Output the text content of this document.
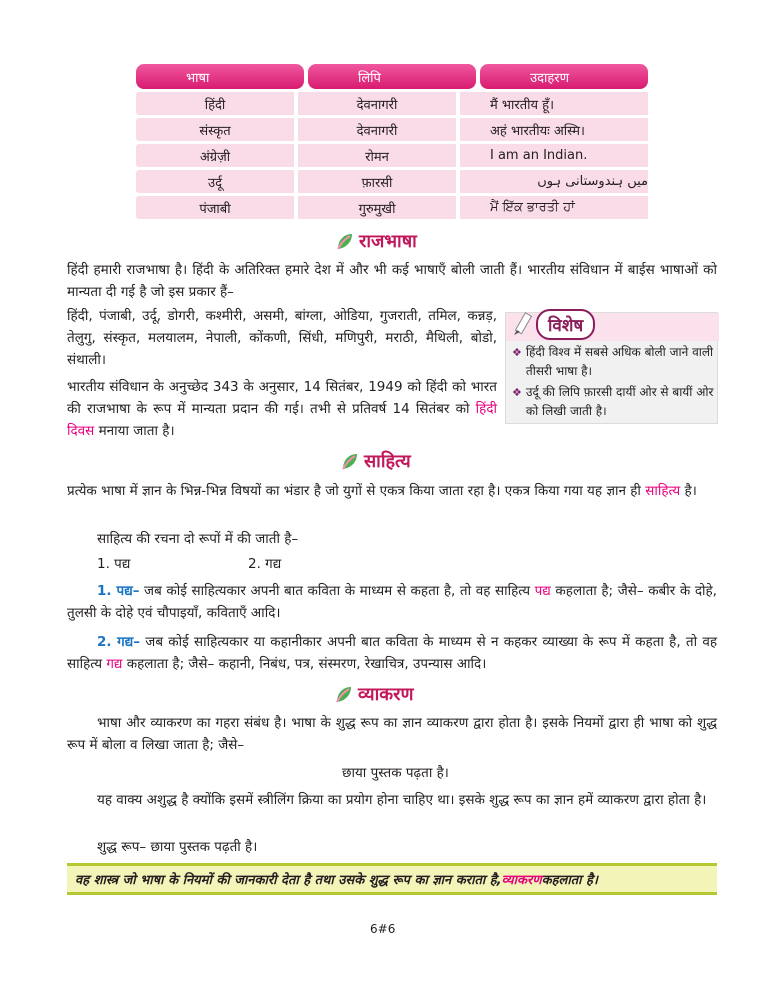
भाषा	लिपि	उदाहरण
हिंदी	देवनागरी	मैं भारतीय हूँ।
संस्कृत	देवनागरी	अहं भारतीयः अस्मि।
अंग्रेज़ी	रोमन	I am an Indian.
उर्दू	फ़ारसी	میں ہندوستانی ہوں
पंजाबी	गुरुमुखी	ਮੈਂ ਇੱਕ ਭਾਰਤੀ ਹਾਂ
राजभाषा

हिंदी हमारी राजभाषा है। हिंदी के अतिरिक्त हमारे देश में और भी कई भाषाएँ बोली जाती हैं। भारतीय संविधान में बाईस भाषाओं को मान्यता दी गई है जो इस प्रकार हैं–

हिंदी, पंजाबी, उर्दू, डोगरी, कश्मीरी, असमी, बांग्ला, ओडिया, गुजराती, तमिल, कन्नड़, तेलुगु, संस्कृत, मलयालम, नेपाली, कोंकणी, सिंधी, मणिपुरी, मराठी, मैथिली, बोडो, संथाली।

भारतीय संविधान के अनुच्छेद 343 के अनुसार, 14 सितंबर, 1949 को हिंदी को भारत की राजभाषा के रूप में मान्यता प्रदान की गई। तभी से प्रतिवर्ष 14 सितंबर को हिंदी दिवस मनाया जाता है।

विशेष
❖ हिंदी विश्व में सबसे अधिक बोली जाने वाली तीसरी भाषा है।
❖ उर्दू की लिपि फ़ारसी दायीं ओर से बायीं ओर को लिखी जाती है।
साहित्य

प्रत्येक भाषा में ज्ञान के भिन्न-भिन्न विषयों का भंडार है जो युगों से एकत्र किया जाता रहा है। एकत्र किया गया यह ज्ञान ही साहित्य है।

साहित्य की रचना दो रूपों में की जाती है–
1. पद्य	2. गद्य

1. पद्य– जब कोई साहित्यकार अपनी बात कविता के माध्यम से कहता है, तो वह साहित्य पद्य कहलाता है; जैसे– कबीर के दोहे, तुलसी के दोहे एवं चौपाइयाँ, कविताएँ आदि।

2. गद्य– जब कोई साहित्यकार या कहानीकार अपनी बात कविता के माध्यम से न कहकर व्याख्या के रूप में कहता है, तो वह साहित्य गद्य कहलाता है; जैसे– कहानी, निबंध, पत्र, संस्मरण, रेखाचित्र, उपन्यास आदि।

व्याकरण

भाषा और व्याकरण का गहरा संबंध है। भाषा के शुद्ध रूप का ज्ञान व्याकरण द्वारा होता है। इसके नियमों द्वारा ही भाषा को शुद्ध रूप में बोला व लिखा जाता है; जैसे–

छाया पुस्तक पढ़ता है।

यह वाक्य अशुद्ध है क्योंकि इसमें स्त्रीलिंग क्रिया का प्रयोग होना चाहिए था। इसके शुद्ध रूप का ज्ञान हमें व्याकरण द्वारा होता है।

शुद्ध रूप– छाया पुस्तक पढ़ती है।
वह शास्त्र जो भाषा के नियमों की जानकारी देता है तथा उसके शुद्ध रूप का ज्ञान कराता है, व्याकरण कहलाता है।
6#6
